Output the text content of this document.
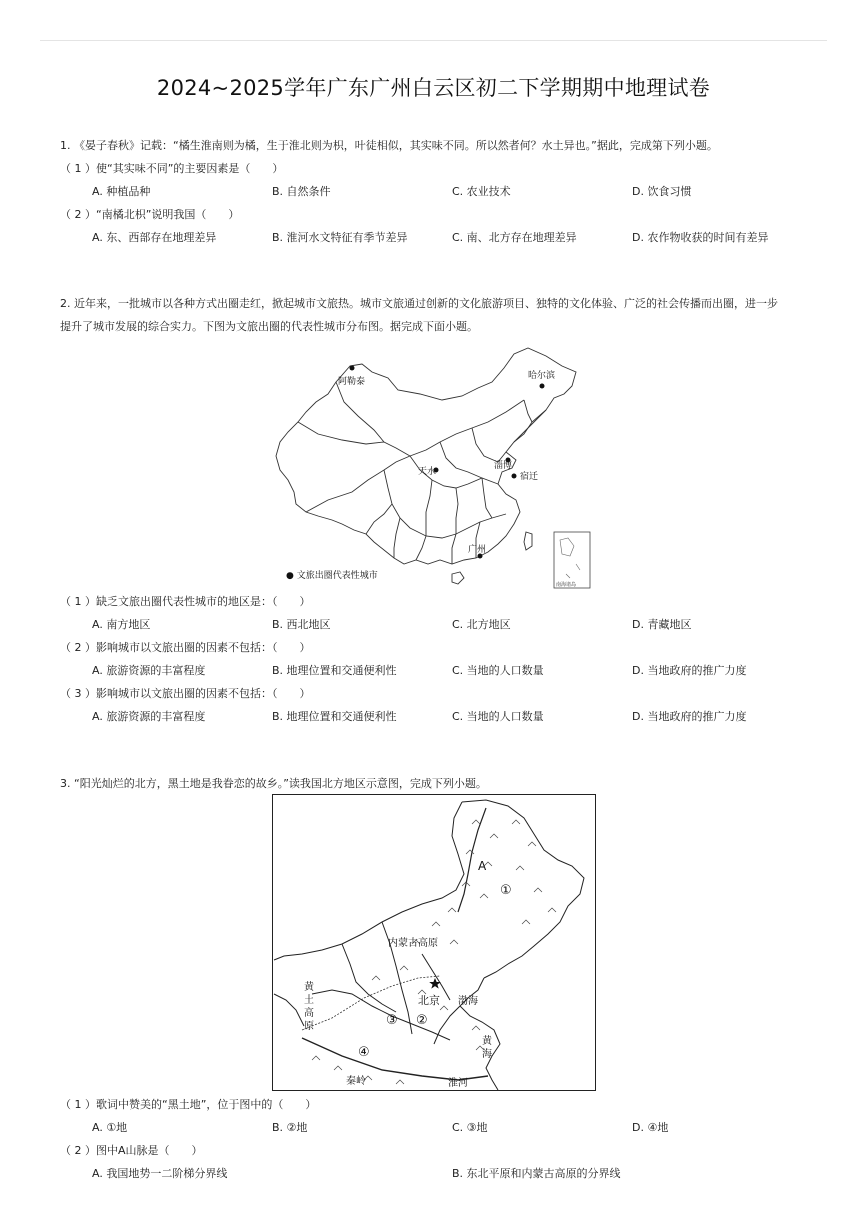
2024~2025学年广东广州白云区初二下学期期中地理试卷
1. 《晏子春秋》记载：“橘生淮南则为橘，生于淮北则为枳，叶徒相似，其实味不同。所以然者何？水土异也。”据此，完成第下列小题。
（ 1 ）使“其实味不同”的主要因素是（　　）
A. 种植品种	B. 自然条件	C. 农业技术	D. 饮食习惯
（ 2 ）“南橘北枳”说明我国（　　）
A. 东、西部存在地理差异	B. 淮河水文特征有季节差异	C. 南、北方存在地理差异	D. 农作物收获的时间有差异
2. 近年来，一批城市以各种方式出圈走红，掀起城市文旅热。城市文旅通过创新的文化旅游项目、独特的文化体验、广泛的社会传播而出圈，进一步
提升了城市发展的综合实力。下图为文旅出圈的代表性城市分布图。据完成下面小题。
南海诸岛
阿勒泰
哈尔滨
淄博
天水	宿迁
广州
● 文旅出圈代表性城市
（ 1 ）缺乏文旅出圈代表性城市的地区是：（　　）
A. 南方地区	B. 西北地区	C. 北方地区	D. 青藏地区
（ 2 ）影响城市以文旅出圈的因素不包括：（　　）
A. 旅游资源的丰富程度	B. 地理位置和交通便利性	C. 当地的人口数量	D. 当地政府的推广力度
（ 3 ）影响城市以文旅出圈的因素不包括：（　　）
A. 旅游资源的丰富程度	B. 地理位置和交通便利性	C. 当地的人口数量	D. 当地政府的推广力度
3. “阳光灿烂的北方，黑土地是我眷恋的故乡。”读我国北方地区示意图，完成下列小题。
A
①
内蒙古高原
北京 渤海
②
③
④
秦岭	淮河
黄土高原
黄海
（ 1 ）歌词中赞美的“黑土地”，位于图中的（　　）
A. ①地	B. ②地	C. ③地	D. ④地
（ 2 ）图中A山脉是（　　）
A. 我国地势一二阶梯分界线	B. 东北平原和内蒙古高原的分界线
